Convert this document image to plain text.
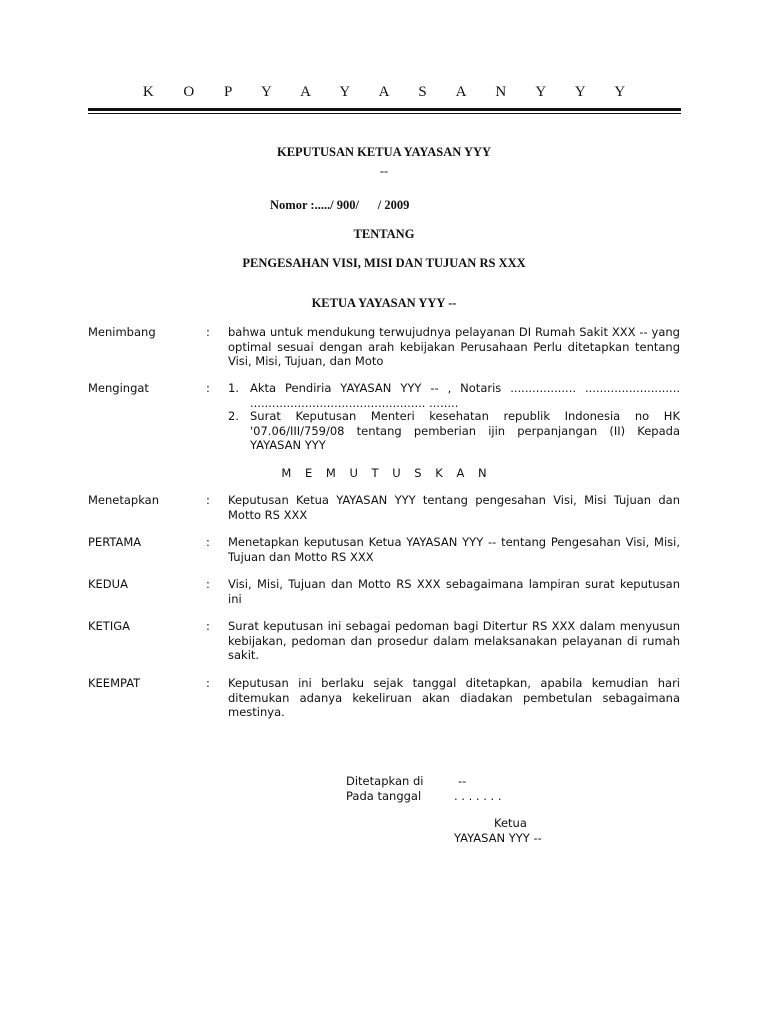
K O P Y A Y A S A N Y Y Y
KEPUTUSAN KETUA YAYASAN YYY
--
Nomor :...../ 900/      / 2009
TENTANG
PENGESAHAN VISI, MISI DAN TUJUAN RS XXX
KETUA YAYASAN YYY --
Menimbang	: bahwa untuk mendukung terwujudnya pelayanan DI Rumah Sakit XXX -- yang optimal sesuai dengan arah kebijakan Perusahaan Perlu ditetapkan tentang Visi, Misi, Tujuan, dan Moto
Mengingat	: 1. Akta Pendiria YAYASAN YYY -- , Notaris .................. .......................... ................................................ ........
2. Surat Keputusan Menteri kesehatan republik Indonesia no HK '07.06/III/759/08 tentang pemberian ijin perpanjangan (II) Kepada YAYASAN YYY
M E M U T U S K A N
Menetapkan	: Keputusan Ketua YAYASAN YYY tentang pengesahan Visi, Misi Tujuan dan Motto RS XXX
PERTAMA	: Menetapkan keputusan Ketua YAYASAN YYY -- tentang Pengesahan Visi, Misi, Tujuan dan Motto RS XXX
KEDUA	: Visi, Misi, Tujuan dan Motto RS XXX sebagaimana lampiran surat keputusan ini
KETIGA	: Surat keputusan ini sebagai pedoman bagi Ditertur RS XXX dalam menyusun kebijakan, pedoman dan prosedur dalam melaksanakan pelayanan di rumah sakit.
KEEMPAT	: Keputusan ini berlaku sejak tanggal ditetapkan, apabila kemudian hari ditemukan adanya kekeliruan akan diadakan pembetulan sebagaimana mestinya.
Ditetapkan di	--
Pada tanggal	. . . . . . .
Ketua
YAYASAN YYY --
